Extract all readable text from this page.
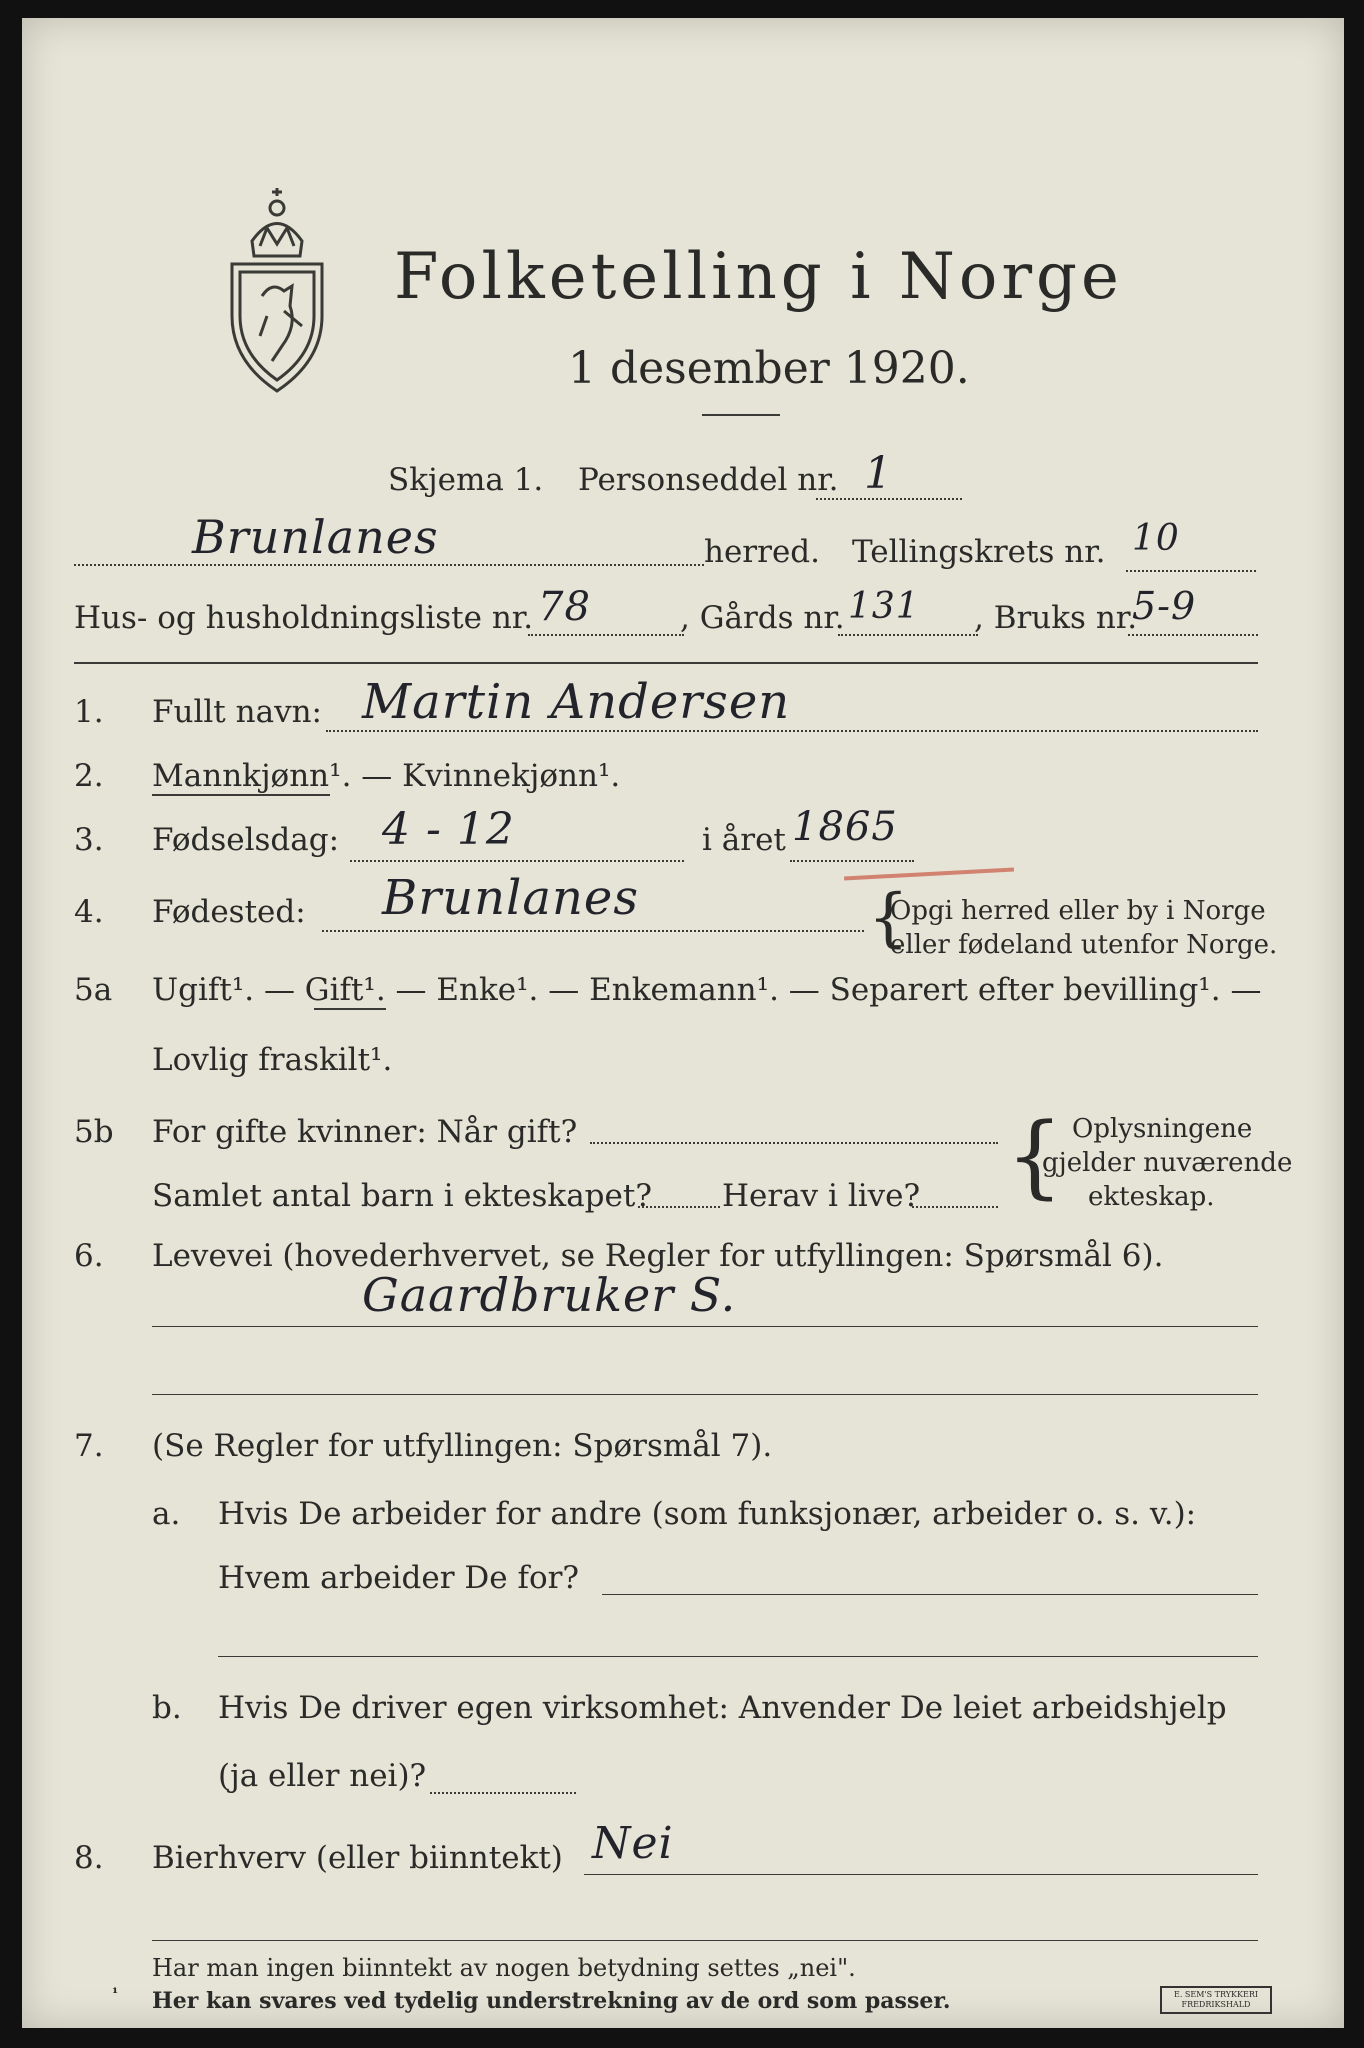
Folketelling i Norge
1 desember 1920.
Skjema 1. Personseddel nr. 1
Brunlanes	herred. Tellingskrets nr. 10
Hus- og husholdningsliste nr. 78	, Gårds nr. 131 , Bruks nr.
5-9
1.	Fullt navn: Martin Andersen
2.	Mannkjønn¹. — Kvinnekjønn¹.
3.	Fødselsdag: 4 - 12	i året 1865
4.	Fødested: Brunlanes	{
Opgi herred eller by i Norge
eller fødeland utenfor Norge.
5a	Ugift¹. — Gift¹. — Enke¹. — Enkemann¹. — Separert efter bevilling¹. —
Lovlig fraskilt¹.
5b	For gifte kvinner: Når gift?
Samlet antal barn i ekteskapet? Herav i live? { Oplysningene
gjelder nuværende
ekteskap.
6.	Levevei (hovederhvervet, se Regler for utfyllingen: Spørsmål 6).
Gaardbruker S.
7.	(Se Regler for utfyllingen: Spørsmål 7).
a. Hvis De arbeider for andre (som funksjonær, arbeider o. s. v.):
Hvem arbeider De for?
b. Hvis De driver egen virksomhet: Anvender De leiet arbeidshjelp
(ja eller nei)?
8.	Bierhverv (eller biinntekt) Nei
Har man ingen biinntekt av nogen betydning settes „nei".
¹ Her kan svares ved tydelig understrekning av de ord som passer.	E. SEM'S TRYKKERI FREDRIKSHALD
